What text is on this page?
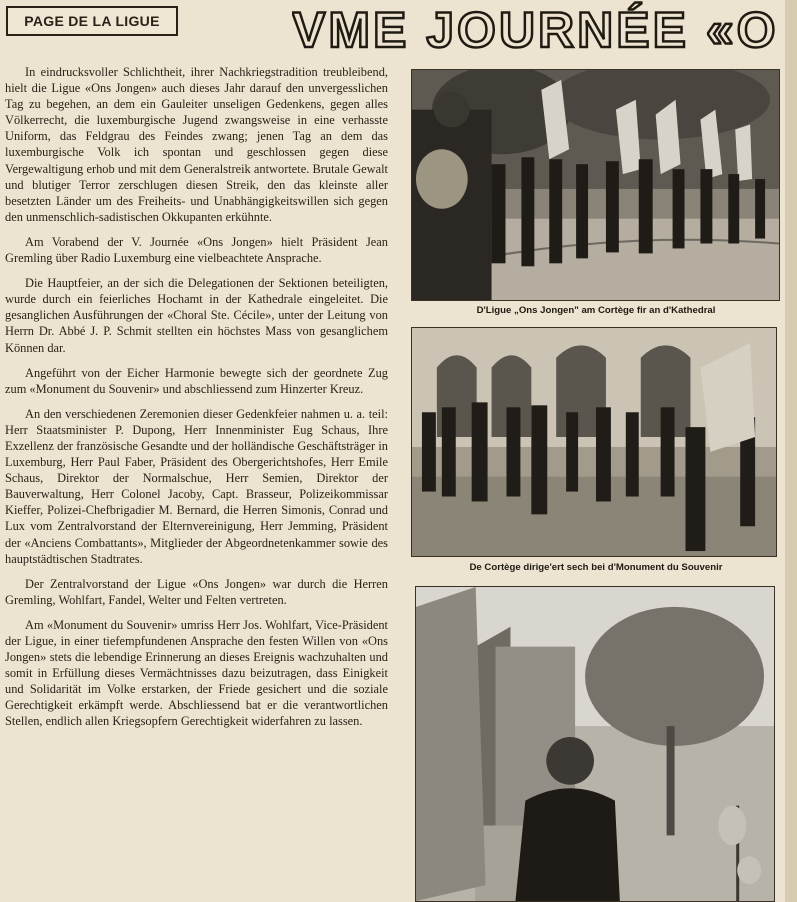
PAGE DE LA LIGUE	VME JOURNÉE «O

In eindrucksvoller Schlichtheit, ihrer Nachkriegstradition treubleibend, hielt die Ligue «Ons Jongen» auch dieses Jahr darauf den unvergesslichen Tag zu begehen, an dem ein Gauleiter unseligen Gedenkens, gegen alles Völkerrecht, die luxemburgische Jugend zwangsweise in eine verhasste Uniform, das Feldgrau des Feindes zwang; jenen Tag an dem das luxemburgische Volk ich spontan und geschlossen gegen diese Vergewaltigung erhob und mit dem Generalstreik antwortete. Brutale Gewalt und blutiger Terror zerschlugen diesen Streik, den das kleinste aller besetzten Länder um des Freiheits- und Unabhängigkeitswillen sich gegen den unmenschlich-sadistischen Okkupanten erkühnte.

Am Vorabend der V. Journée «Ons Jongen» hielt Präsident Jean Gremling über Radio Luxemburg eine vielbeachtete Ansprache.

Die Hauptfeier, an der sich die Delegationen der Sektionen beteiligten, wurde durch ein feierliches Hochamt in der Kathedrale eingeleitet. Die gesanglichen Ausführungen der «Choral Ste. Cécile», unter der Leitung von Herrn Dr. Abbé J. P. Schmit stellten ein höchstes Mass von gesanglichem Können dar.

Angeführt von der Eicher Harmonie bewegte sich der geordnete Zug zum «Monument du Souvenir» und abschliessend zum Hinzerter Kreuz.

An den verschiedenen Zeremonien dieser Gedenkfeier nahmen u. a. teil: Herr Staatsminister P. Dupong, Herr Innenminister Eug Schaus, Ihre Exzellenz der französische Gesandte und der holländische Geschäftsträger in Luxemburg, Herr Paul Faber, Präsident des Obergerichtshofes, Herr Emile Schaus, Direktor der Normalschue, Herr Semien, Direktor der Bauverwaltung, Herr Colonel Jacoby, Capt. Brasseur, Polizeikommissar Kieffer, Polizei-Chefbrigadier M. Bernard, die Herren Simonis, Conrad und Lux vom Zentralvorstand der Elternvereinigung, Herr Jemming, Präsident der «Anciens Combattants», Mitglieder der Abgeordnetenkammer sowie des hauptstädtischen Stadtrates.

Der Zentralvorstand der Ligue «Ons Jongen» war durch die Herren Gremling, Wohlfart, Fandel, Welter und Felten vertreten.

Am «Monument du Souvenir» umriss Herr Jos. Wohlfart, Vice-Präsident der Ligue, in einer tiefempfundenen Ansprache den festen Willen von «Ons Jongen» stets die lebendige Erinnerung an dieses Ereignis wachzuhalten und somit in Erfüllung dieses Vermächtnisses dazu beizutragen, dass Einigkeit und Solidarität im Volke erstarken, der Friede gesichert und die soziale Gerechtigkeit erkämpft werde. Abschliessend bat er die verantwortlichen Stellen, endlich allen Kriegsopfern Gerechtigkeit widerfahren zu lassen.

D'Ligue „Ons Jongen" am Cortège fir an d'Kathedral
De Cortège dirige'ert sech bei d'Monument du Souvenir
